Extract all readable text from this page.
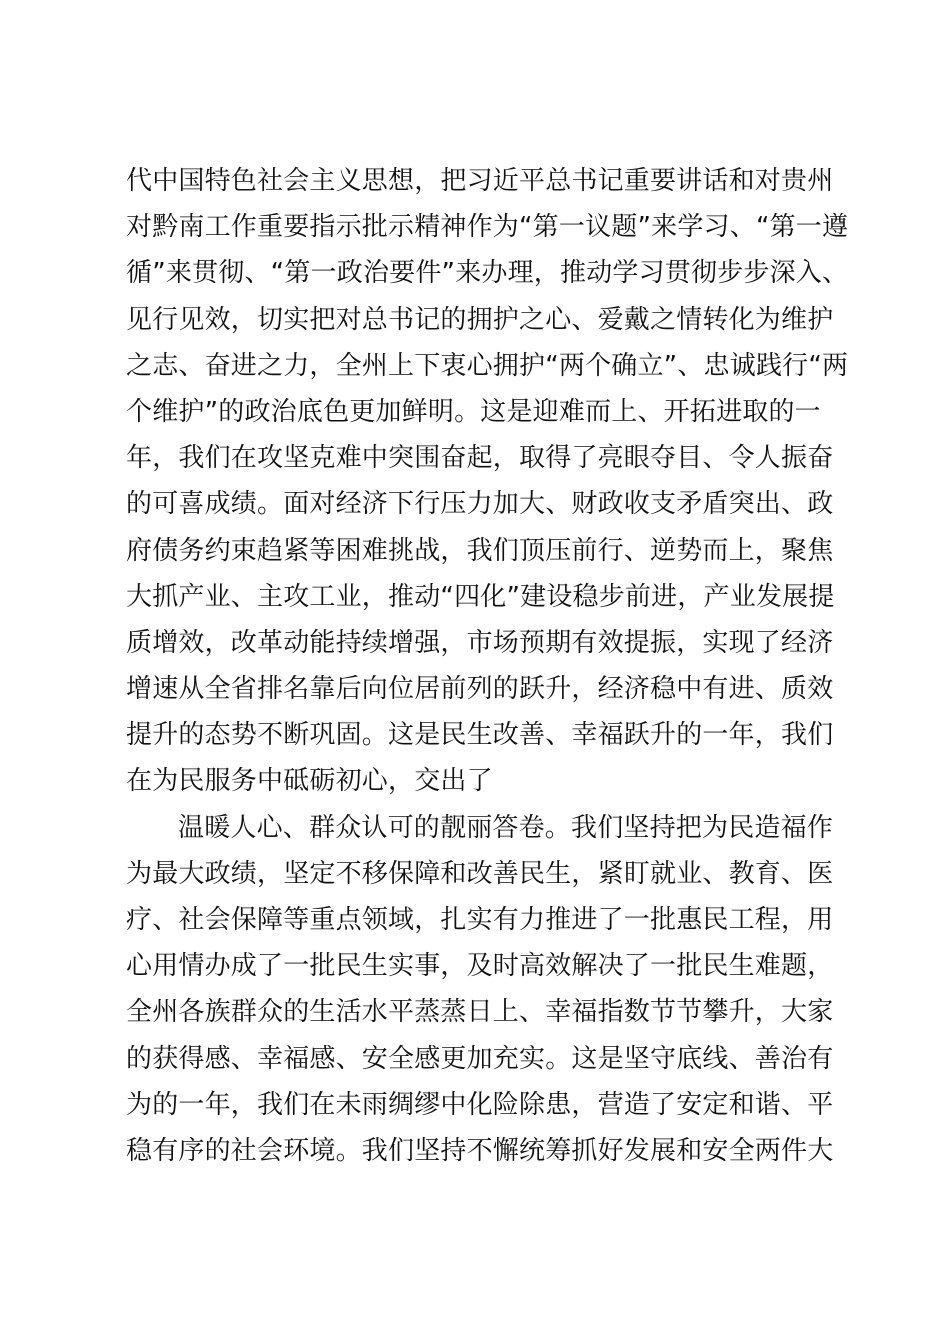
代中国特色社会主义思想，把习近平总书记重要讲话和对贵州
对黔南工作重要指示批示精神作为“第一议题”来学习、“第一遵
循”来贯彻、“第一政治要件”来办理，推动学习贯彻步步深入、
见行见效，切实把对总书记的拥护之心、爱戴之情转化为维护
之志、奋进之力，全州上下衷心拥护“两个确立”、忠诚践行“两
个维护”的政治底色更加鲜明。这是迎难而上、开拓进取的一
年，我们在攻坚克难中突围奋起，取得了亮眼夺目、令人振奋
的可喜成绩。面对经济下行压力加大、财政收支矛盾突出、政
府债务约束趋紧等困难挑战，我们顶压前行、逆势而上，聚焦
大抓产业、主攻工业，推动“四化”建设稳步前进，产业发展提
质增效，改革动能持续增强，市场预期有效提振，实现了经济
增速从全省排名靠后向位居前列的跃升，经济稳中有进、质效
提升的态势不断巩固。这是民生改善、幸福跃升的一年，我们
在为民服务中砥砺初心，交出了
温暖人心、群众认可的靓丽答卷。我们坚持把为民造福作
为最大政绩，坚定不移保障和改善民生，紧盯就业、教育、医
疗、社会保障等重点领域，扎实有力推进了一批惠民工程，用
心用情办成了一批民生实事，及时高效解决了一批民生难题，
全州各族群众的生活水平蒸蒸日上、幸福指数节节攀升，大家
的获得感、幸福感、安全感更加充实。这是坚守底线、善治有
为的一年，我们在未雨绸缪中化险除患，营造了安定和谐、平
稳有序的社会环境。我们坚持不懈统筹抓好发展和安全两件大
